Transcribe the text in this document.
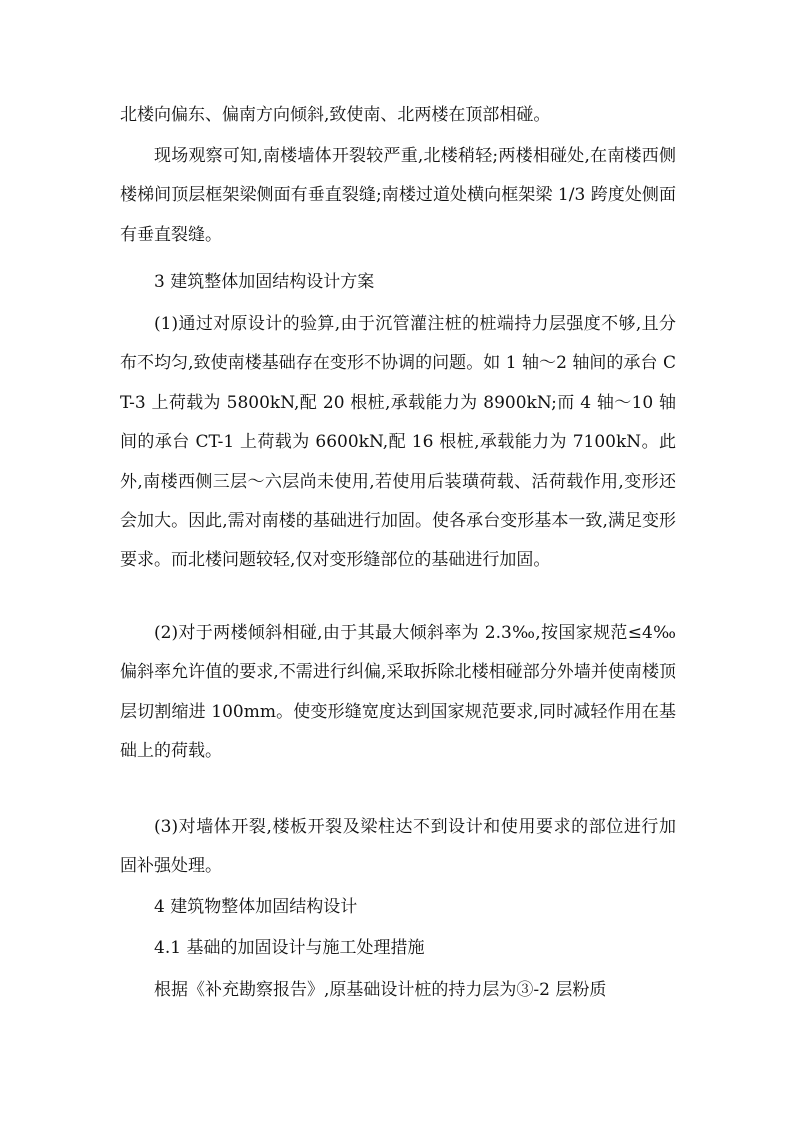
北楼向偏东、偏南方向倾斜,致使南、北两楼在顶部相碰。

现场观察可知,南楼墙体开裂较严重,北楼稍轻;两楼相碰处,在南楼西侧楼梯间顶层框架梁侧面有垂直裂缝;南楼过道处横向框架梁 1/3 跨度处侧面有垂直裂缝。

3 建筑整体加固结构设计方案

(1)通过对原设计的验算,由于沉管灌注桩的桩端持力层强度不够,且分布不均匀,致使南楼基础存在变形不协调的问题。如 1 轴～2 轴间的承台 CT-3 上荷载为 5800kN,配 20 根桩,承载能力为 8900kN;而 4 轴～10 轴间的承台 CT-1 上荷载为 6600kN,配 16 根桩,承载能力为 7100kN。此外,南楼西侧三层～六层尚未使用,若使用后装璜荷载、活荷载作用,变形还会加大。因此,需对南楼的基础进行加固。使各承台变形基本一致,满足变形要求。而北楼问题较轻,仅对变形缝部位的基础进行加固。

(2)对于两楼倾斜相碰,由于其最大倾斜率为 2.3‰,按国家规范≤4‰偏斜率允许值的要求,不需进行纠偏,采取拆除北楼相碰部分外墙并使南楼顶层切割缩进 100mm。使变形缝宽度达到国家规范要求,同时减轻作用在基础上的荷载。

(3)对墙体开裂,楼板开裂及梁柱达不到设计和使用要求的部位进行加固补强处理。

4 建筑物整体加固结构设计

4.1 基础的加固设计与施工处理措施

根据《补充勘察报告》,原基础设计桩的持力层为③-2 层粉质
